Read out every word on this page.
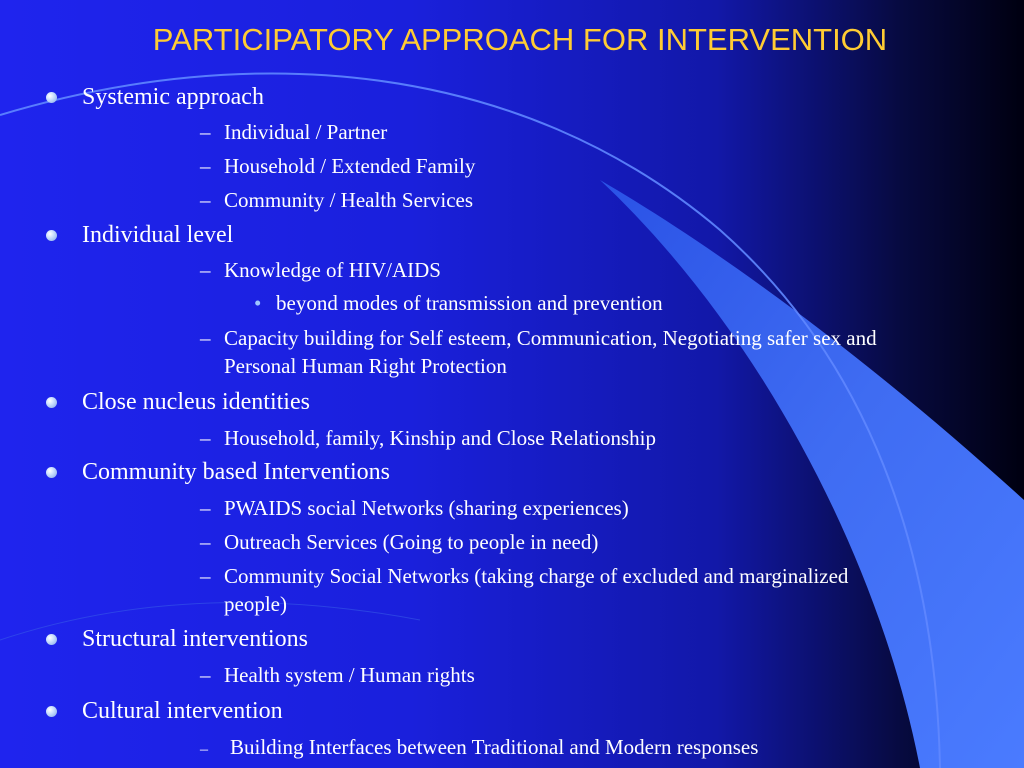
PARTICIPATORY APPROACH FOR INTERVENTION
Systemic approach
– Individual / Partner
– Household / Extended Family
– Community / Health Services
Individual level
– Knowledge of HIV/AIDS
• beyond modes of transmission and prevention
– Capacity building for Self esteem, Communication, Negotiating safer sex and Personal Human Right Protection
Close nucleus identities
– Household, family, Kinship and Close Relationship
Community based Interventions
– PWAIDS social Networks (sharing experiences)
– Outreach Services (Going to people in need)
– Community Social Networks (taking charge of excluded and marginalized people)
Structural interventions
– Health system / Human rights
Cultural intervention
– Building Interfaces between Traditional and Modern responses
